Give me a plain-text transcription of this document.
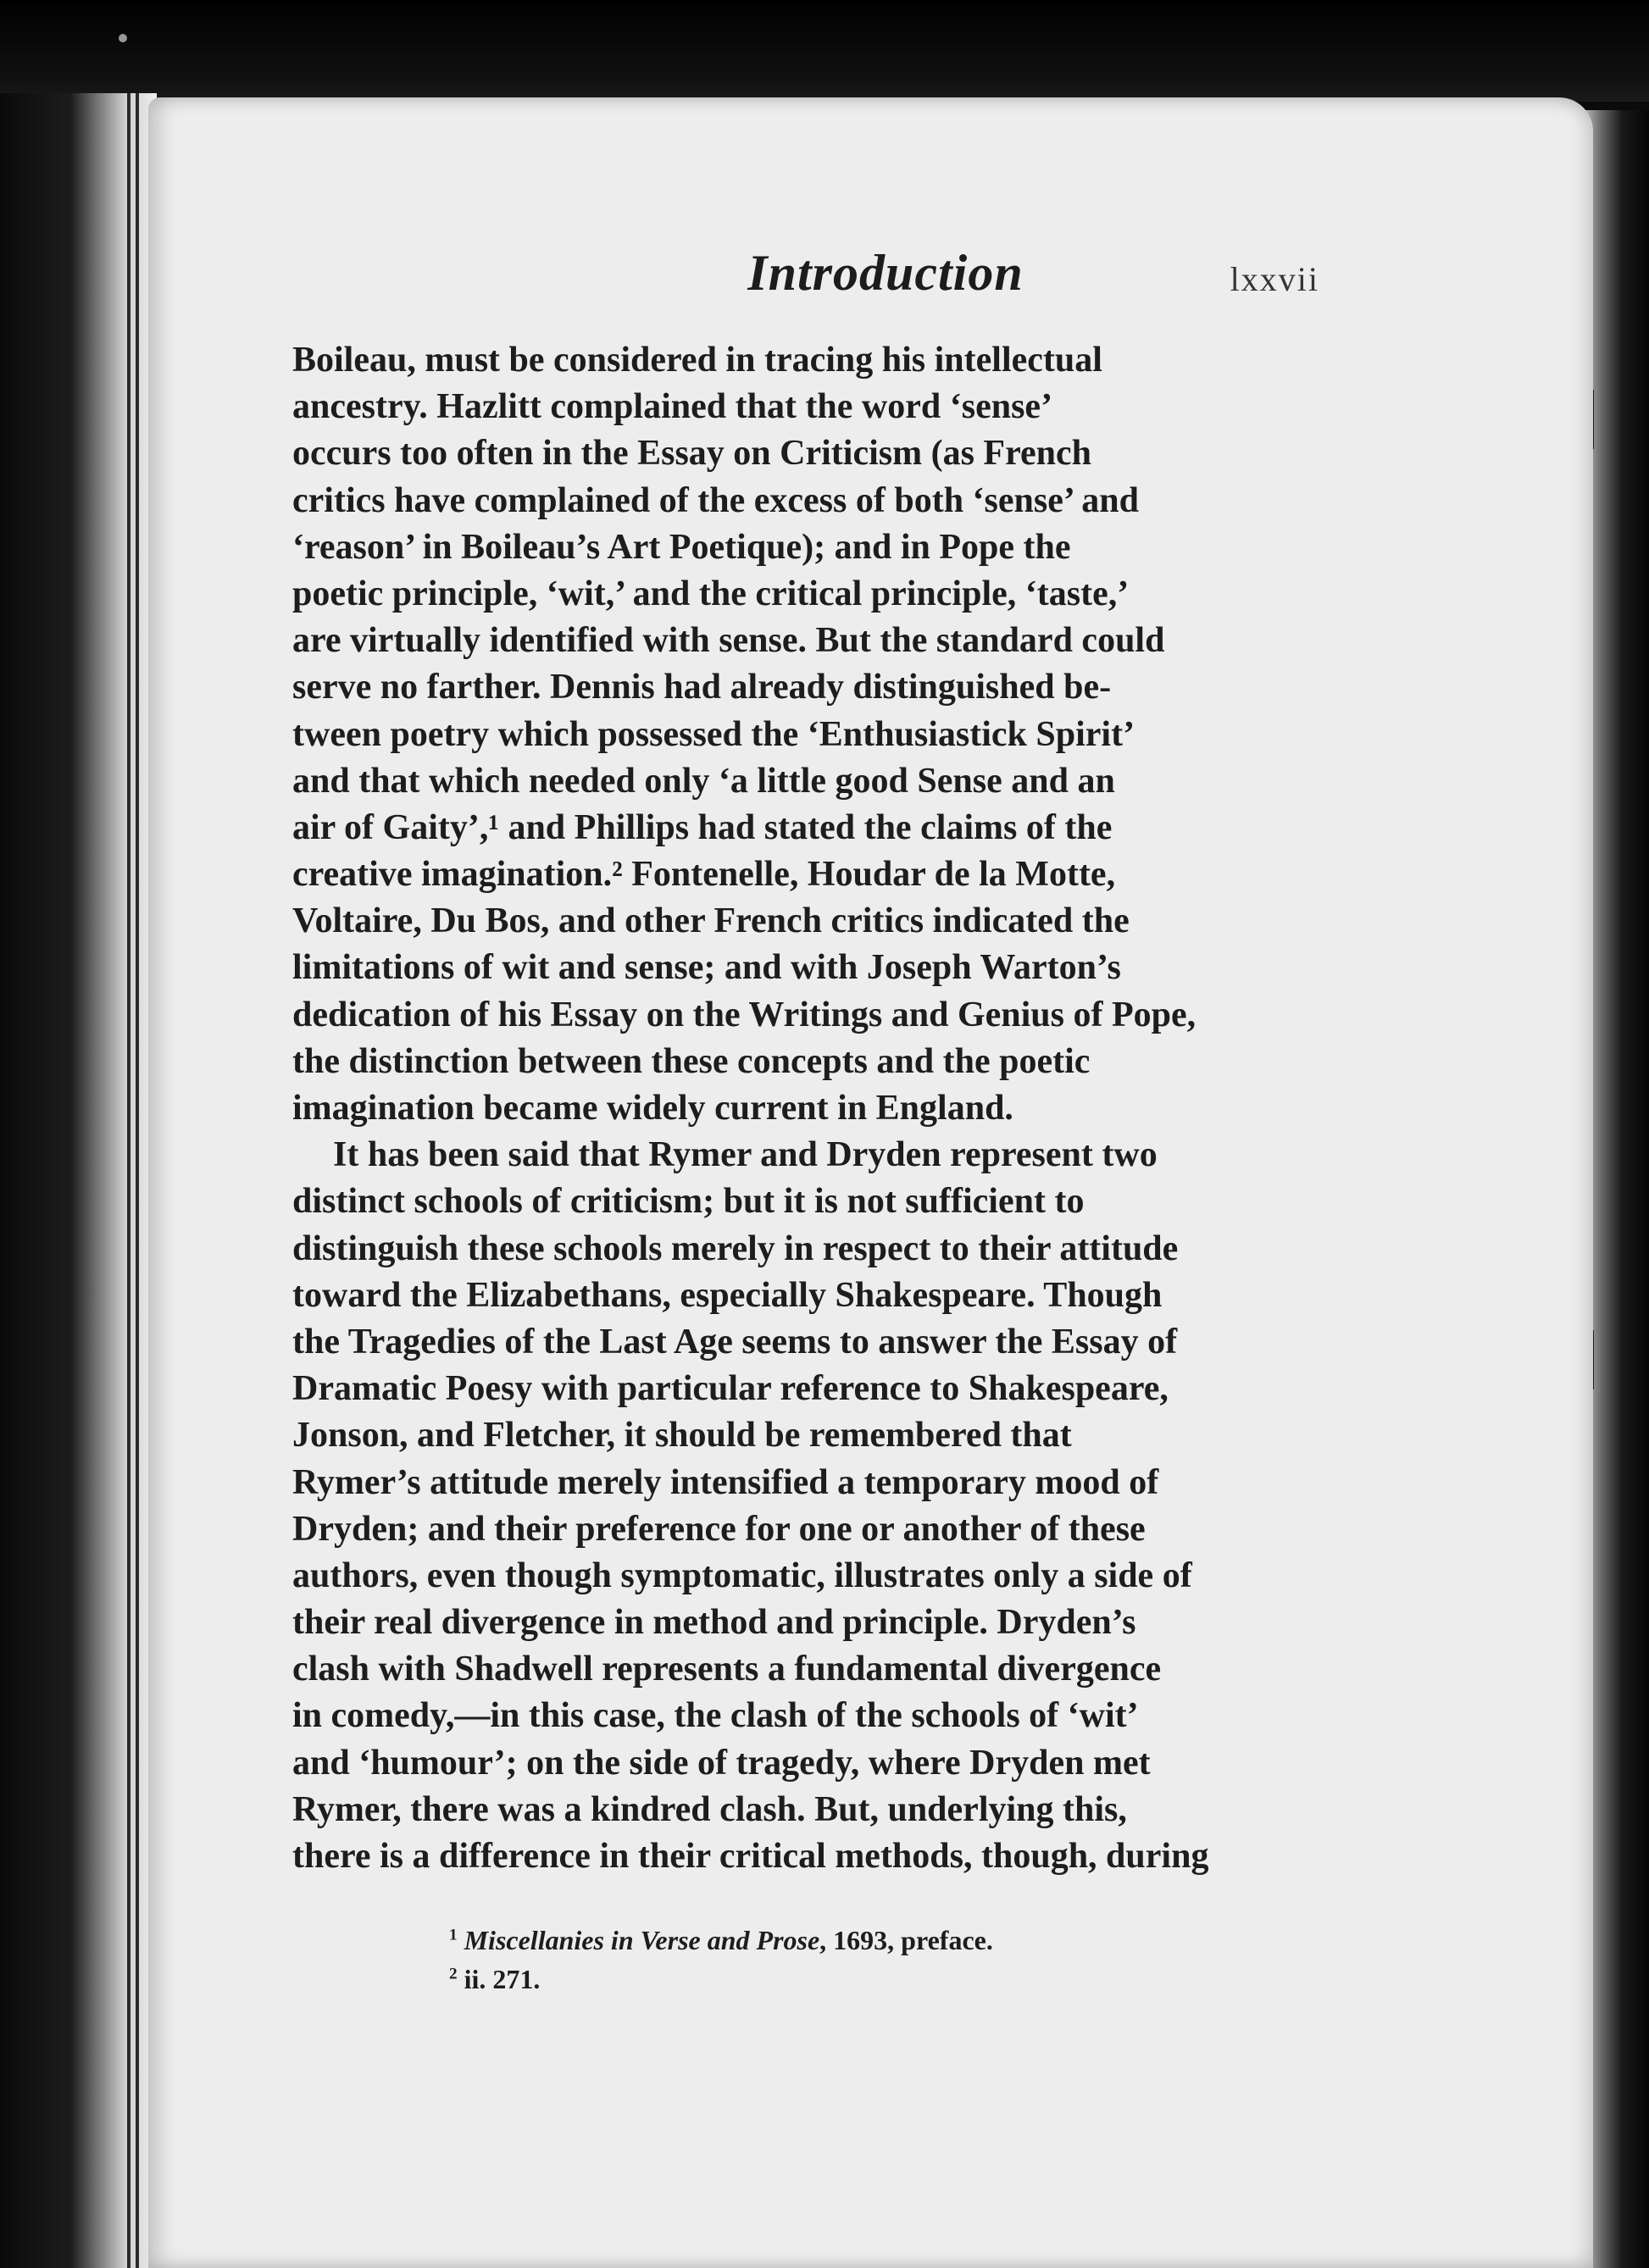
Introduction	lxxvii
Boileau, must be considered in tracing his intellectual
ancestry. Hazlitt complained that the word ‘sense’
occurs too often in the Essay on Criticism (as French
critics have complained of the excess of both ‘sense’ and
‘reason’ in Boileau’s Art Poetique); and in Pope the
poetic principle, ‘wit,’ and the critical principle, ‘taste,’
are virtually identified with sense. But the standard could
serve no farther. Dennis had already distinguished be-
tween poetry which possessed the ‘Enthusiastick Spirit’
and that which needed only ‘a little good Sense and an
air of Gaity’,¹ and Phillips had stated the claims of the
creative imagination.² Fontenelle, Houdar de la Motte,
Voltaire, Du Bos, and other French critics indicated the
limitations of wit and sense; and with Joseph Warton’s
dedication of his Essay on the Writings and Genius of Pope,
the distinction between these concepts and the poetic
imagination became widely current in England.
It has been said that Rymer and Dryden represent two
distinct schools of criticism; but it is not sufficient to
distinguish these schools merely in respect to their attitude
toward the Elizabethans, especially Shakespeare. Though
the Tragedies of the Last Age seems to answer the Essay of
Dramatic Poesy with particular reference to Shakespeare,
Jonson, and Fletcher, it should be remembered that
Rymer’s attitude merely intensified a temporary mood of
Dryden; and their preference for one or another of these
authors, even though symptomatic, illustrates only a side of
their real divergence in method and principle. Dryden’s
clash with Shadwell represents a fundamental divergence
in comedy,—in this case, the clash of the schools of ‘wit’
and ‘humour’; on the side of tragedy, where Dryden met
Rymer, there was a kindred clash. But, underlying this,
there is a difference in their critical methods, though, during
$^1$ Miscellanies in Verse and Prose, 1693, preface.
$^2$ ii. 271.
